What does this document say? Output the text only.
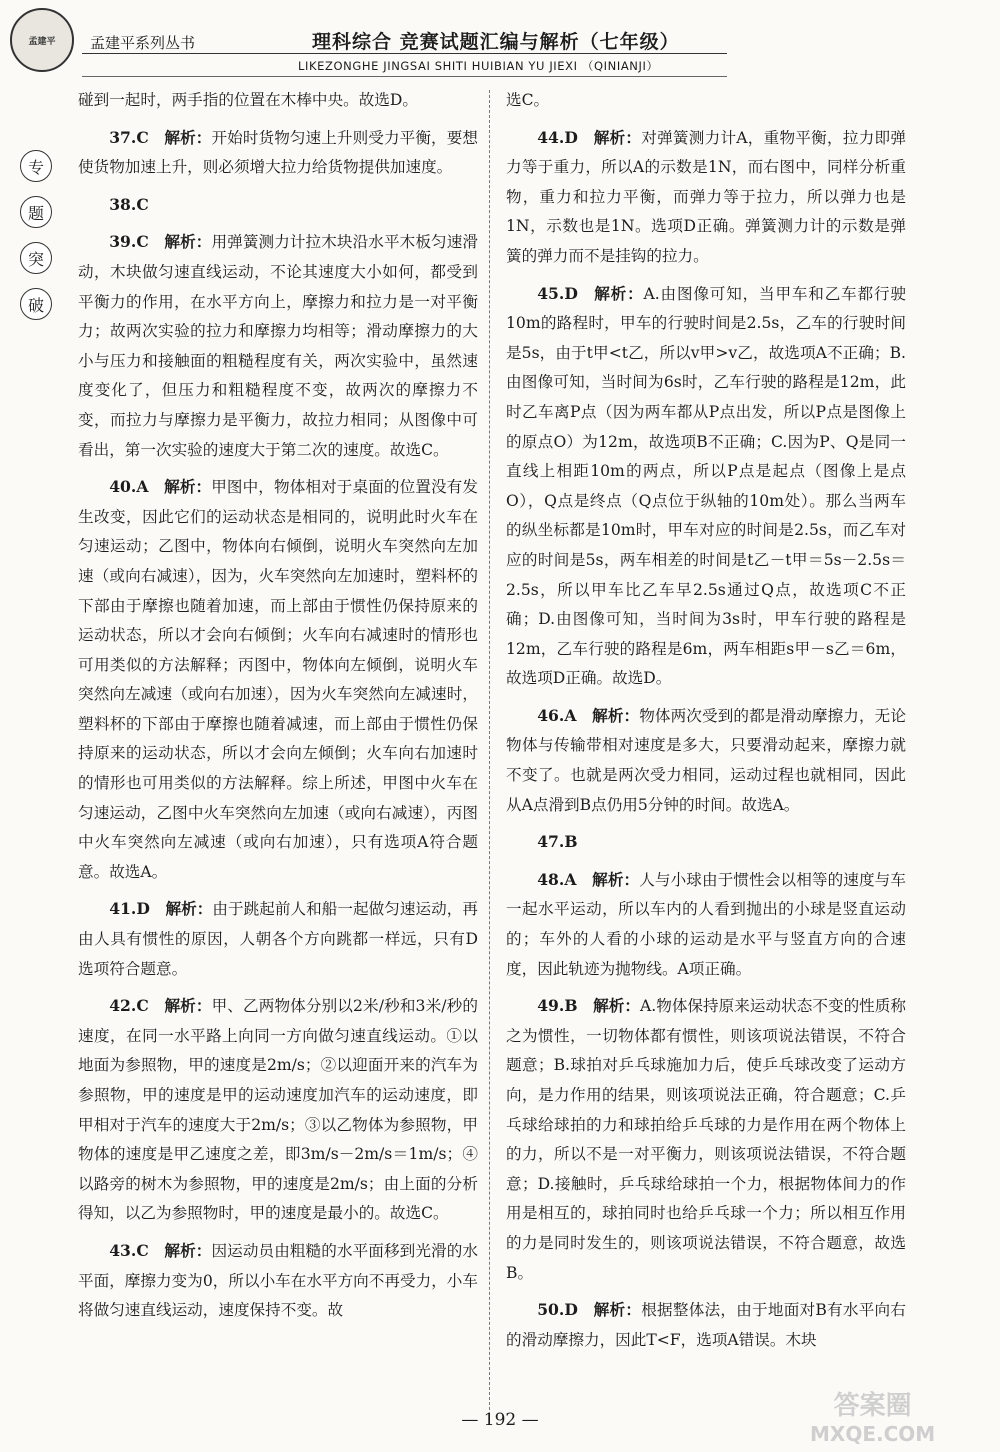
孟建平 孟建平系列丛书	理科综合 竞赛试题汇编与解析（七年级）
LIKEZONGHE JINGSAI SHITI HUIBIAN YU JIEXI （QINIANJI）
专
题
突
破

碰到一起时，两手指的位置在木棒中央。故选D。

37.C  解析：开始时货物匀速上升则受力平衡，要想使货物加速上升，则必须增大拉力给货物提供加速度。

38.C 

39.C  解析：用弹簧测力计拉木块沿水平木板匀速滑动，木块做匀速直线运动，不论其速度大小如何，都受到平衡力的作用，在水平方向上，摩擦力和拉力是一对平衡力；故两次实验的拉力和摩擦力均相等；滑动摩擦力的大小与压力和接触面的粗糙程度有关，两次实验中，虽然速度变化了，但压力和粗糙程度不变，故两次的摩擦力不变，而拉力与摩擦力是平衡力，故拉力相同；从图像中可看出，第一次实验的速度大于第二次的速度。故选C。

40.A  解析：甲图中，物体相对于桌面的位置没有发生改变，因此它们的运动状态是相同的，说明此时火车在匀速运动；乙图中，物体向右倾倒，说明火车突然向左加速（或向右减速），因为，火车突然向左加速时，塑料杯的下部由于摩擦也随着加速，而上部由于惯性仍保持原来的运动状态，所以才会向右倾倒；火车向右减速时的情形也可用类似的方法解释；丙图中，物体向左倾倒，说明火车突然向左减速（或向右加速），因为火车突然向左减速时，塑料杯的下部由于摩擦也随着减速，而上部由于惯性仍保持原来的运动状态，所以才会向左倾倒；火车向右加速时的情形也可用类似的方法解释。综上所述，甲图中火车在匀速运动，乙图中火车突然向左加速（或向右减速），丙图中火车突然向左减速（或向右加速），只有选项A符合题意。故选A。

41.D  解析：由于跳起前人和船一起做匀速运动，再由人具有惯性的原因，人朝各个方向跳都一样远，只有D选项符合题意。

42.C  解析：甲、乙两物体分别以2米/秒和3米/秒的速度，在同一水平路上向同一方向做匀速直线运动。①以地面为参照物，甲的速度是2m/s；②以迎面开来的汽车为参照物，甲的速度是甲的运动速度加汽车的运动速度，即甲相对于汽车的速度大于2m/s；③以乙物体为参照物，甲物体的速度是甲乙速度之差，即3m/s－2m/s＝1m/s；④以路旁的树木为参照物，甲的速度是2m/s；由上面的分析得知，以乙为参照物时，甲的速度是最小的。故选C。

43.C  解析：因运动员由粗糙的水平面移到光滑的水平面，摩擦力变为0，所以小车在水平方向不再受力，小车将做匀速直线运动，速度保持不变。故

选C。

44.D  解析：对弹簧测力计A，重物平衡，拉力即弹力等于重力，所以A的示数是1N，而右图中，同样分析重物，重力和拉力平衡，而弹力等于拉力，所以弹力也是1N，示数也是1N。选项D正确。弹簧测力计的示数是弹簧的弹力而不是挂钩的拉力。

45.D  解析：A.由图像可知，当甲车和乙车都行驶10m的路程时，甲车的行驶时间是2.5s，乙车的行驶时间是5s，由于t甲<t乙，所以v甲>v乙，故选项A不正确；B.由图像可知，当时间为6s时，乙车行驶的路程是12m，此时乙车离P点（因为两车都从P点出发，所以P点是图像上的原点O）为12m，故选项B不正确；C.因为P、Q是同一直线上相距10m的两点，所以P点是起点（图像上是点O），Q点是终点（Q点位于纵轴的10m处）。那么当两车的纵坐标都是10m时，甲车对应的时间是2.5s，而乙车对应的时间是5s，两车相差的时间是t乙－t甲＝5s－2.5s＝2.5s，所以甲车比乙车早2.5s通过Q点，故选项C不正确；D.由图像可知，当时间为3s时，甲车行驶的路程是12m，乙车行驶的路程是6m，两车相距s甲－s乙＝6m，故选项D正确。故选D。

46.A  解析：物体两次受到的都是滑动摩擦力，无论物体与传输带相对速度是多大，只要滑动起来，摩擦力就不变了。也就是两次受力相同，运动过程也就相同，因此从A点滑到B点仍用5分钟的时间。故选A。

47.B 

48.A  解析：人与小球由于惯性会以相等的速度与车一起水平运动，所以车内的人看到抛出的小球是竖直运动的；车外的人看的小球的运动是水平与竖直方向的合速度，因此轨迹为抛物线。A项正确。

49.B  解析：A.物体保持原来运动状态不变的性质称之为惯性，一切物体都有惯性，则该项说法错误，不符合题意；B.球拍对乒乓球施加力后，使乒乓球改变了运动方向，是力作用的结果，则该项说法正确，符合题意；C.乒乓球给球拍的力和球拍给乒乓球的力是作用在两个物体上的力，所以不是一对平衡力，则该项说法错误，不符合题意；D.接触时，乒乓球给球拍一个力，根据物体间力的作用是相互的，球拍同时也给乒乓球一个力；所以相互作用的力是同时发生的，则该项说法错误，不符合题意，故选B。

50.D  解析：根据整体法，由于地面对B有水平向右的滑动摩擦力，因此T<F，选项A错误。木块

— 192 —	答案圈
MXQE.COM
